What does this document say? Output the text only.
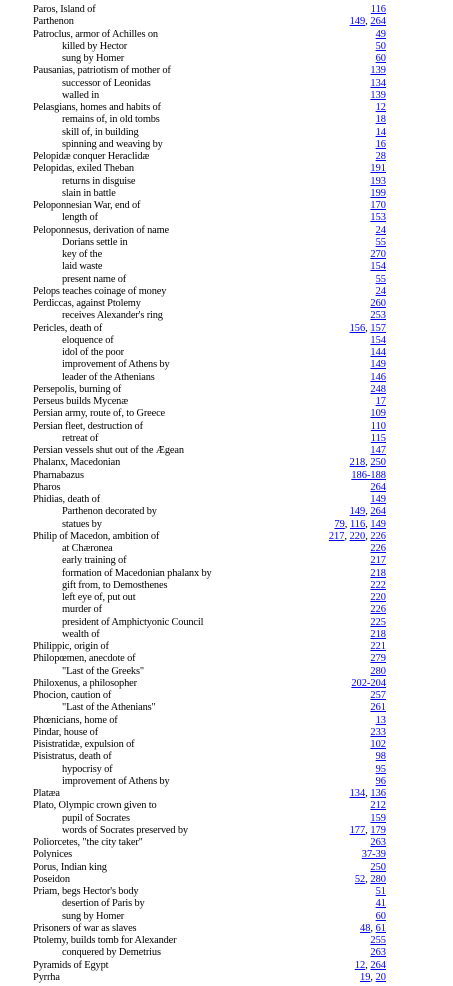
Paros, Island of	116
Parthenon	149, 264
Patroclus, armor of Achilles on	49
killed by Hector	50
sung by Homer	60
Pausanias, patriotism of mother of	139
successor of Leonidas	134
walled in	139
Pelasgians, homes and habits of	12
remains of, in old tombs	18
skill of, in building	14
spinning and weaving by	16
Pelopidæ conquer Heraclidæ	28
Pelopidas, exiled Theban	191
returns in disguise	193
slain in battle	199
Peloponnesian War, end of	170
length of	153
Peloponnesus, derivation of name	24
Dorians settle in	55
key of the	270
laid waste	154
present name of	55
Pelops teaches coinage of money	24
Perdiccas, against Ptolemy	260
receives Alexander's ring	253
Pericles, death of	156, 157
eloquence of	154
idol of the poor	144
improvement of Athens by	149
leader of the Athenians	146
Persepolis, burning of	248
Perseus builds Mycenæ	17
Persian army, route of, to Greece	109
Persian fleet, destruction of	110
retreat of	115
Persian vessels shut out of the Ægean	147
Phalanx, Macedonian	218, 250
Pharnabazus	186-188
Pharos	264
Phidias, death of	149
Parthenon decorated by	149, 264
statues by	79, 116, 149
Philip of Macedon, ambition of	217, 220, 226
at Chæronea	226
early training of	217
formation of Macedonian phalanx by	218
gift from, to Demosthenes	222
left eye of, put out	220
murder of	226
president of Amphictyonic Council	225
wealth of	218
Philippic, origin of	221
Philopœmen, anecdote of	279
"Last of the Greeks"	280
Philoxenus, a philosopher	202-204
Phocion, caution of	257
"Last of the Athenians"	261
Phœnicians, home of	13
Pindar, house of	233
Pisistratidæ, expulsion of	102
Pisistratus, death of	98
hypocrisy of	95
improvement of Athens by	96
Platæa	134, 136
Plato, Olympic crown given to	212
pupil of Socrates	159
words of Socrates preserved by	177, 179
Poliorcetes, "the city taker"	263
Polynices	37-39
Porus, Indian king	250
Poseidon	52, 280
Priam, begs Hector's body	51
desertion of Paris by	41
sung by Homer	60
Prisoners of war as slaves	48, 61
Ptolemy, builds tomb for Alexander	255
conquered by Demetrius	263
Pyramids of Egypt	12, 264
Pyrrha	19, 20
